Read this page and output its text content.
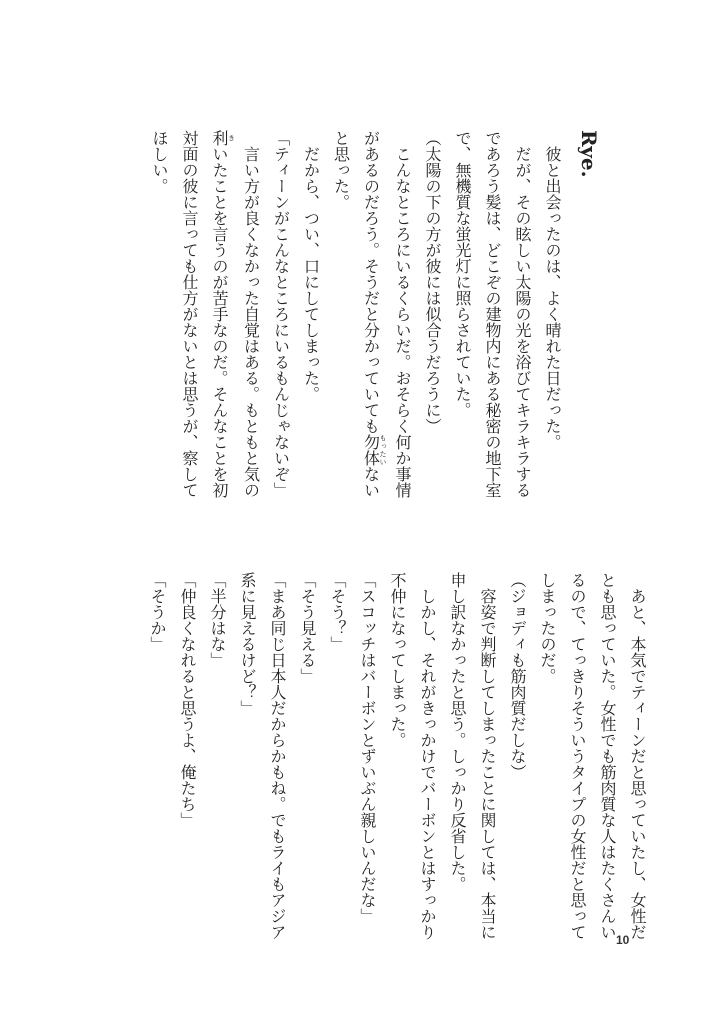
Rye.
　彼と出会ったのは、よく晴れた日だった。
　だが、その眩しい太陽の光を浴びてキラキラする
であろう髪は、どこぞの建物内にある秘密の地下室
で、無機質な蛍光灯に照らされていた。
（太陽の下の方が彼には似合うだろうに）
　こんなところにいるくらいだ。おそらく何か事情
があるのだろう。そうだと分かっていても勿体もったいない
と思った。
　だから、つい、口にしてしまった。
「ティーンがこんなところにいるもんじゃないぞ」
　言い方が良くなかった自覚はある。もともと気の
利きいたことを言うのが苦手なのだ。そんなことを初
対面の彼に言っても仕方がないとは思うが、察して
ほしい。
　あと、本気でティーンだと思っていたし、女性だ
とも思っていた。女性でも筋肉質な人はたくさんい
るので、てっきりそういうタイプの女性だと思って
しまったのだ。
（ジョディも筋肉質だしな）
　容姿で判断してしまったことに関しては、本当に
申し訳なかったと思う。しっかり反省した。
　しかし、それがきっかけでバーボンとはすっかり
不仲になってしまった。
「スコッチはバーボンとずいぶん親しいんだな」
「そう？」
「そう見える」
「まあ同じ日本人だからかもね。でもライもアジア
系に見えるけど？」
「半分はな」
「仲良くなれると思うよ、俺たち」
「そうか」
10
